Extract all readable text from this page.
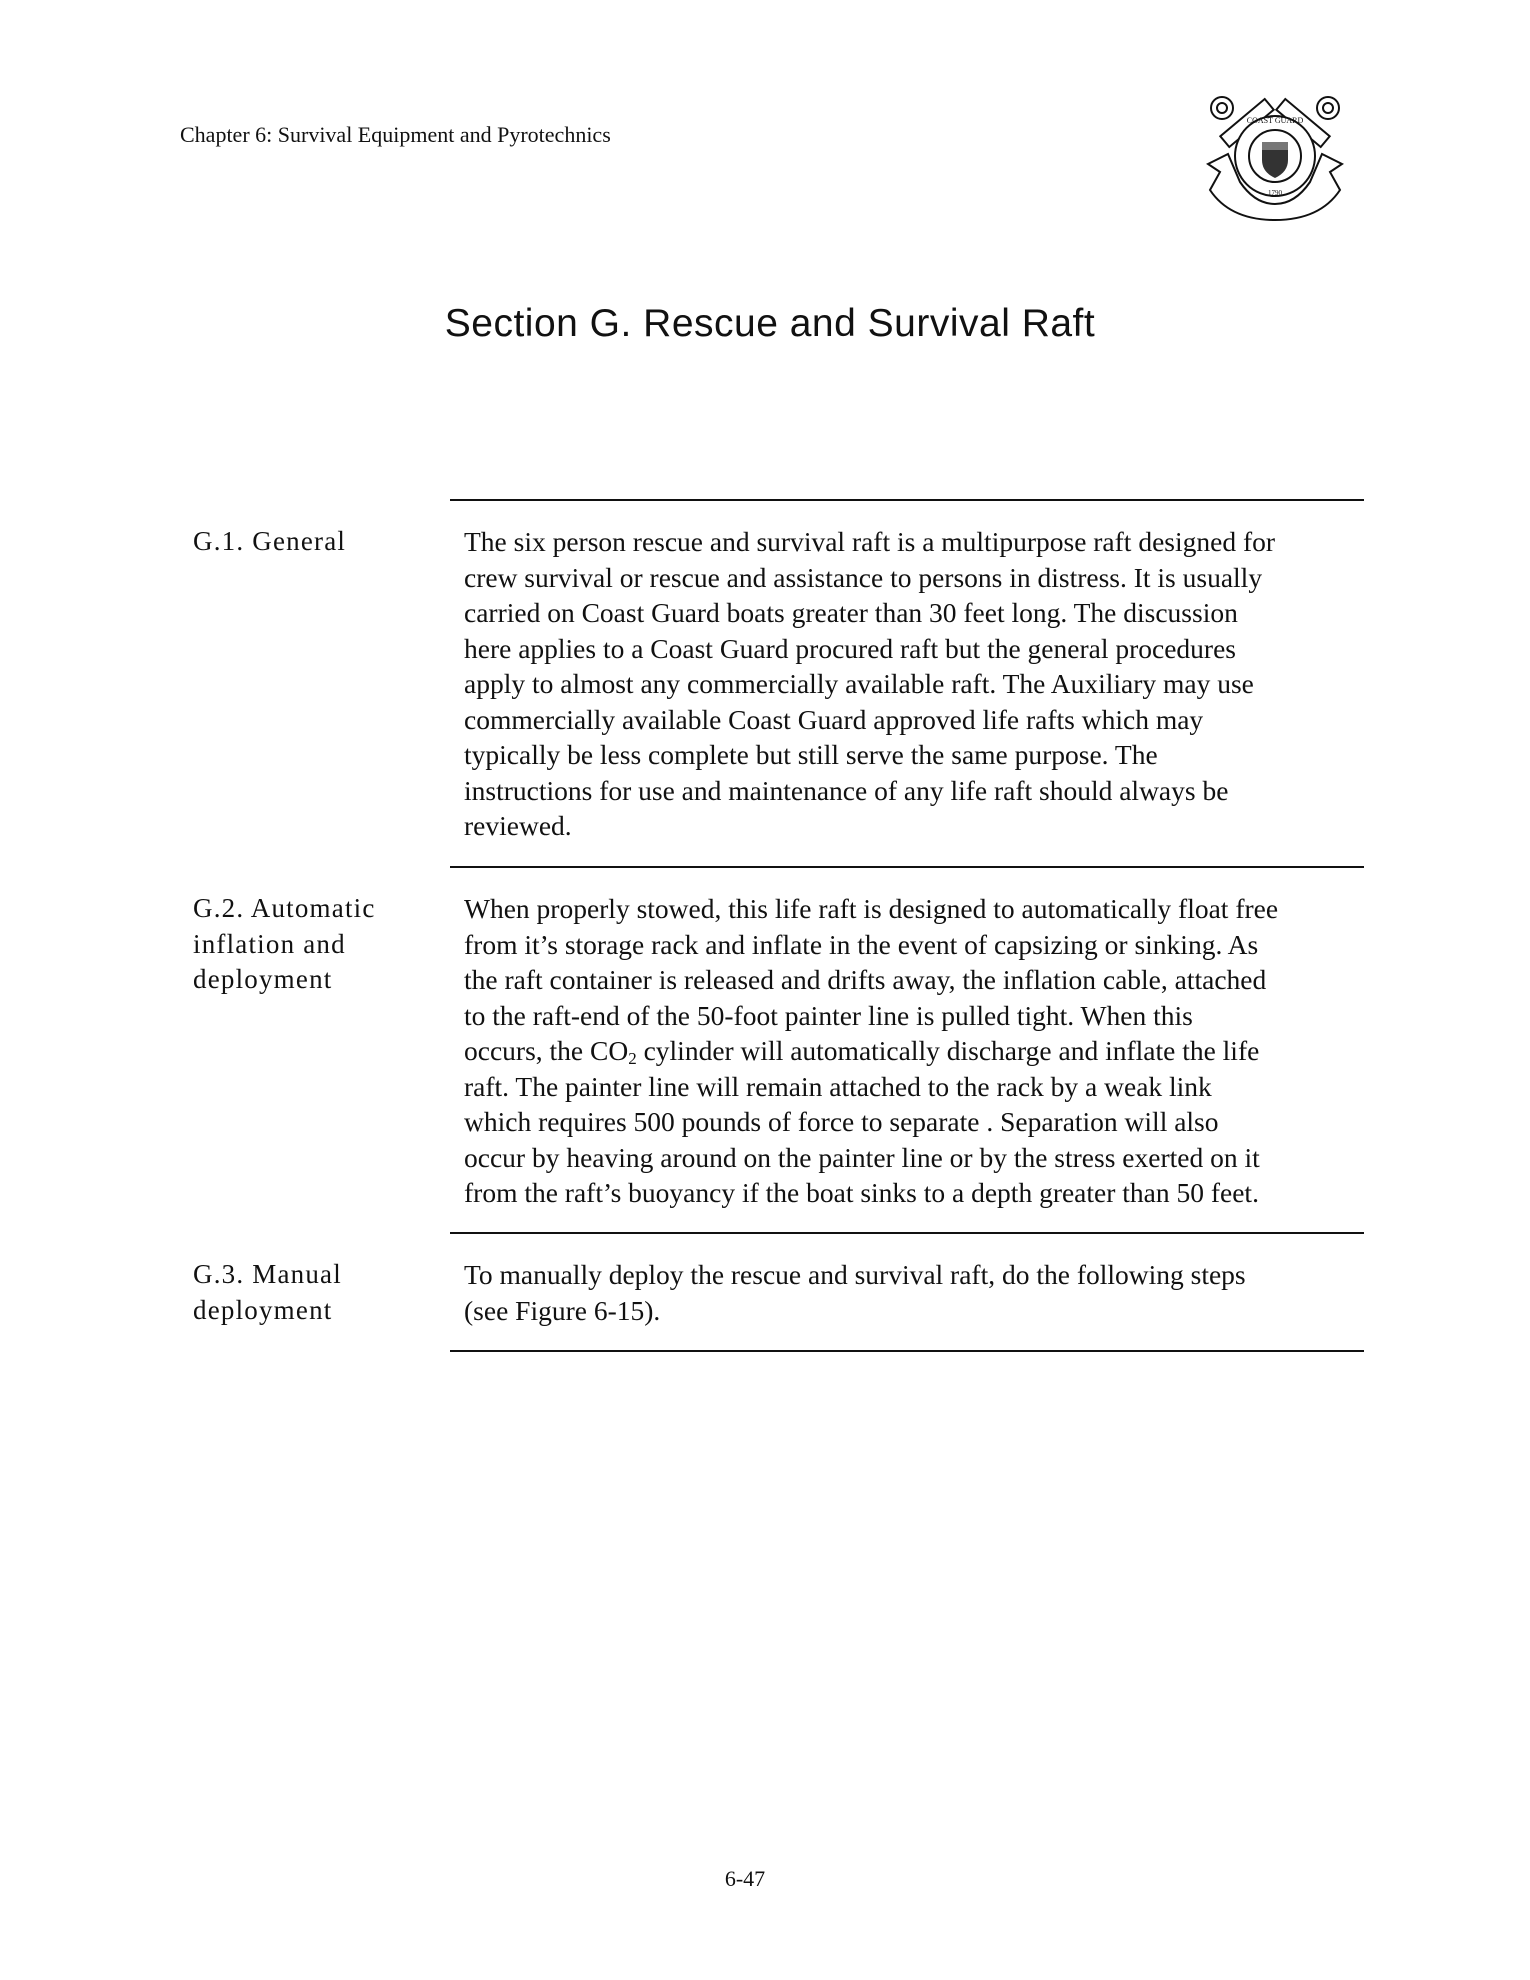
Chapter 6: Survival Equipment and Pyrotechnics
COAST GUARD
1790
Section G. Rescue and Survival Raft
G.1. General	The six person rescue and survival raft is a multipurpose raft designed for
crew survival or rescue and assistance to persons in distress. It is usually
carried on Coast Guard boats greater than 30 feet long. The discussion
here applies to a Coast Guard procured raft but the general procedures
apply to almost any commercially available raft. The Auxiliary may use
commercially available Coast Guard approved life rafts which may
typically be less complete but still serve the same purpose. The
instructions for use and maintenance of any life raft should always be
reviewed.
G.2. Automatic
inflation and
deployment
When properly stowed, this life raft is designed to automatically float free
from it’s storage rack and inflate in the event of capsizing or sinking. As
the raft container is released and drifts away, the inflation cable, attached
to the raft-end of the 50-foot painter line is pulled tight. When this
occurs, the $CO_2$ cylinder will automatically discharge and inflate the life
raft. The painter line will remain attached to the rack by a weak link
which requires 500 pounds of force to separate . Separation will also
occur by heaving around on the painter line or by the stress exerted on it
from the raft’s buoyancy if the boat sinks to a depth greater than 50 feet.
G.3. Manual
deployment
To manually deploy the rescue and survival raft, do the following steps
(see Figure 6-15).
6-47
